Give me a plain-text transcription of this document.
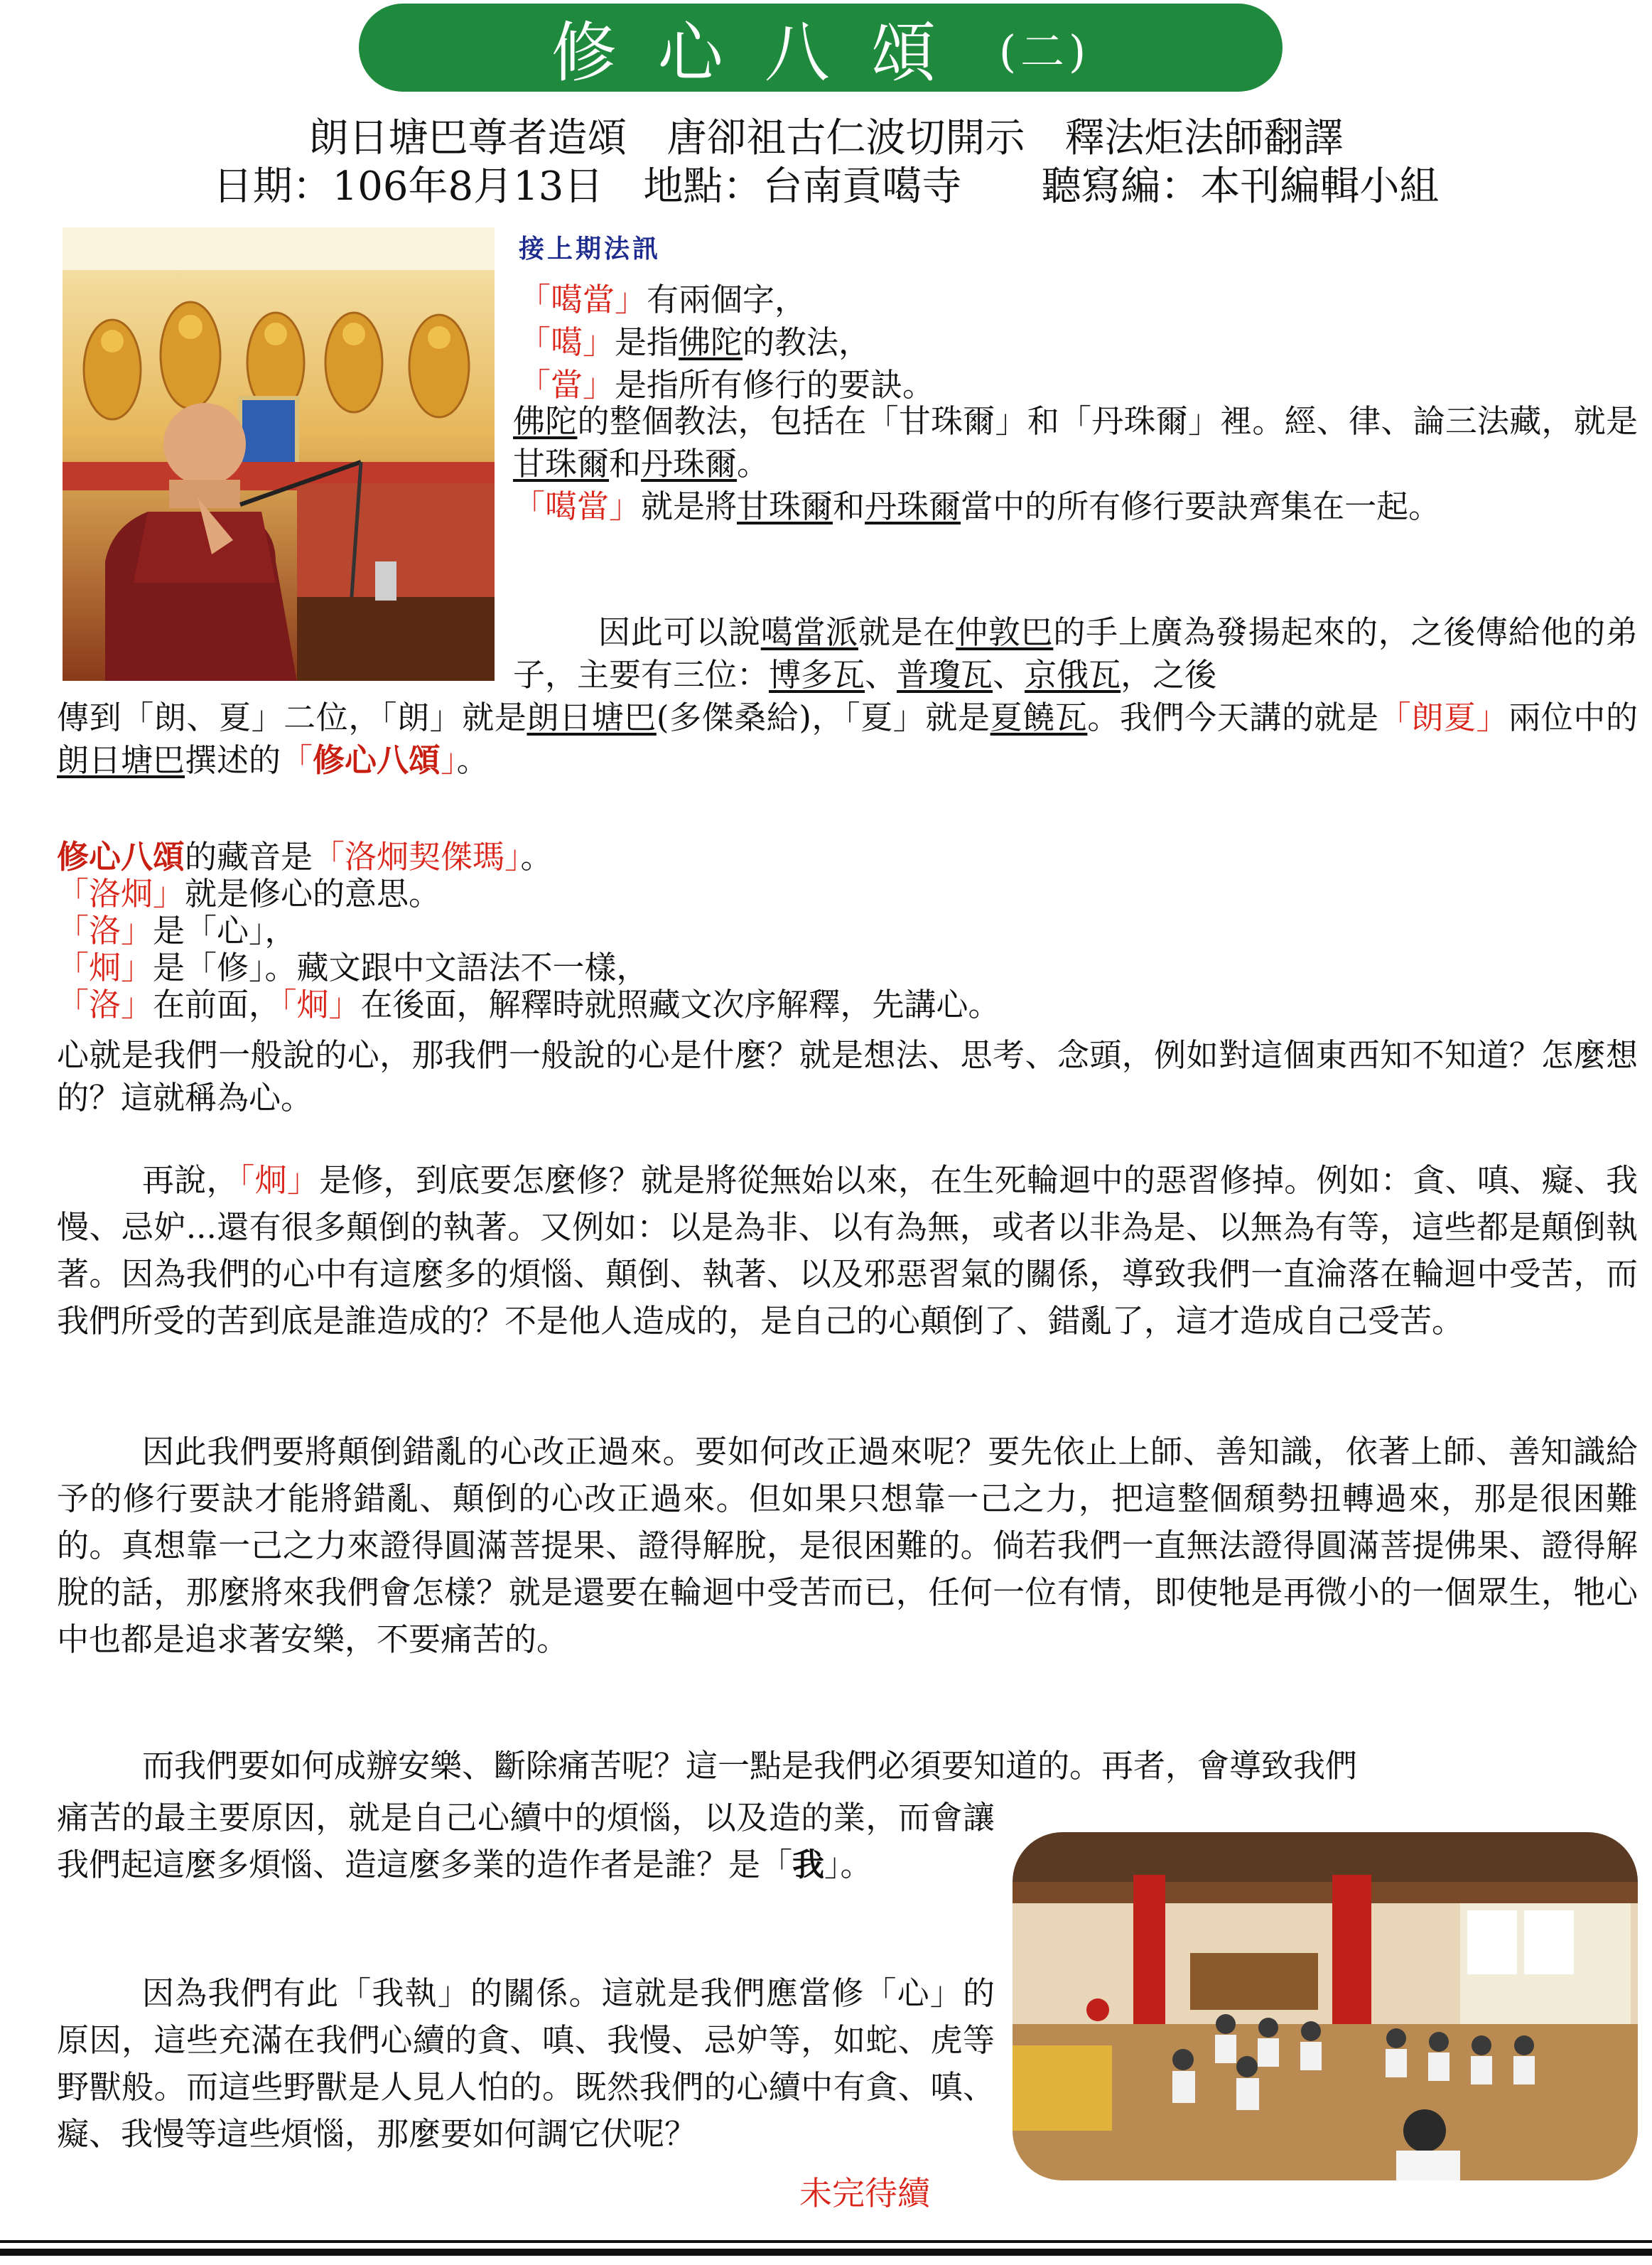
修心八頌 (二)
朗日塘巴尊者造頌　唐卻祖古仁波切開示　釋法炬法師翻譯
日期：106年8月13日　地點：台南貢噶寺　　聽寫編：本刊編輯小組
接上期法訊
「噶當」有兩個字，
「噶」是指佛陀的教法，
「當」是指所有修行的要訣。
佛陀的整個教法，包括在「甘珠爾」和「丹珠爾」裡。經、律、論三法藏，就是甘珠爾和丹珠爾。
「噶當」就是將甘珠爾和丹珠爾當中的所有修行要訣齊集在一起。
因此可以說噶當派就是在仲敦巴的手上廣為發揚起來的，之後傳給他的弟子，主要有三位：博多瓦、普瓊瓦、京俄瓦，之後
傳到「朗、夏」二位，「朗」就是朗日塘巴(多傑桑給)，「夏」就是夏饒瓦。我們今天講的就是「朗夏」兩位中的朗日塘巴撰述的「修心八頌」。
修心八頌的藏音是「洛炯契傑瑪」。
「洛炯」就是修心的意思。
「洛」是「心」，
「炯」是「修」。藏文跟中文語法不一樣，
「洛」在前面，「炯」在後面，解釋時就照藏文次序解釋，先講心。
心就是我們一般說的心，那我們一般說的心是什麼？就是想法、思考、念頭，例如對這個東西知不知道？怎麼想的？這就稱為心。
再說，「炯」是修，到底要怎麼修？就是將從無始以來，在生死輪迴中的惡習修掉。例如：貪、嗔、癡、我慢、忌妒...還有很多顛倒的執著。又例如：以是為非、以有為無，或者以非為是、以無為有等，這些都是顛倒執著。因為我們的心中有這麼多的煩惱、顛倒、執著、以及邪惡習氣的關係，導致我們一直淪落在輪迴中受苦，而我們所受的苦到底是誰造成的？不是他人造成的，是自己的心顛倒了、錯亂了，這才造成自己受苦。
因此我們要將顛倒錯亂的心改正過來。要如何改正過來呢？要先依止上師、善知識，依著上師、善知識給予的修行要訣才能將錯亂、顛倒的心改正過來。但如果只想靠一己之力，把這整個頹勢扭轉過來，那是很困難的。真想靠一己之力來證得圓滿菩提果、證得解脫，是很困難的。倘若我們一直無法證得圓滿菩提佛果、證得解脫的話，那麼將來我們會怎樣？就是還要在輪迴中受苦而已，任何一位有情，即使牠是再微小的一個眾生，牠心中也都是追求著安樂，不要痛苦的。
而我們要如何成辦安樂、斷除痛苦呢？這一點是我們必須要知道的。再者，會導致我們
痛苦的最主要原因，就是自己心續中的煩惱，以及造的業，而會讓我們起這麼多煩惱、造這麼多業的造作者是誰？是「我」。
因為我們有此「我執」的關係。這就是我們應當修「心」的原因，這些充滿在我們心續的貪、嗔、我慢、忌妒等，如蛇、虎等野獸般。而這些野獸是人見人怕的。既然我們的心續中有貪、嗔、癡、我慢等這些煩惱，那麼要如何調它伏呢？
未完待續
